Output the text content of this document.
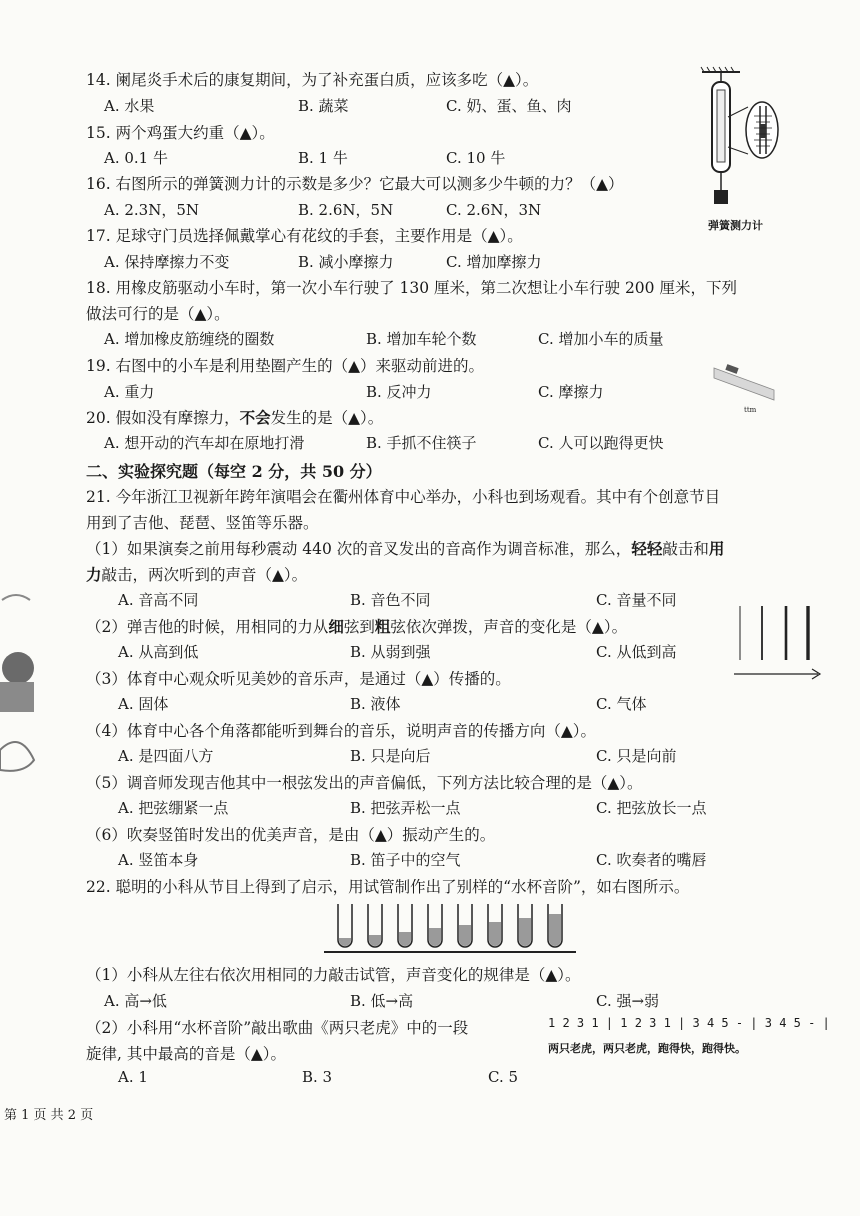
14. 阑尾炎手术后的康复期间，为了补充蛋白质，应该多吃（▲）。
A. 水果	B. 蔬菜	C. 奶、蛋、鱼、肉
15. 两个鸡蛋大约重（▲）。
A. 0.1 牛	B. 1 牛	C. 10 牛
16. 右图所示的弹簧测力计的示数是多少？它最大可以测多少牛顿的力？（▲）
A. 2.3N，5N	B. 2.6N，5N	C. 2.6N，3N
17. 足球守门员选择佩戴掌心有花纹的手套，主要作用是（▲）。
A. 保持摩擦力不变	B. 减小摩擦力	C. 增加摩擦力
18. 用橡皮筋驱动小车时，第一次小车行驶了 130 厘米，第二次想让小车行驶 200 厘米，下列
做法可行的是（▲）。
A. 增加橡皮筋缠绕的圈数	B. 增加车轮个数	C. 增加小车的质量
19. 右图中的小车是利用垫圈产生的（▲）来驱动前进的。
A. 重力	B. 反冲力	C. 摩擦力
20. 假如没有摩擦力，不会发生的是（▲）。
A. 想开动的汽车却在原地打滑	B. 手抓不住筷子	C. 人可以跑得更快
二、实验探究题（每空 2 分，共 50 分）
21. 今年浙江卫视新年跨年演唱会在衢州体育中心举办，小科也到场观看。其中有个创意节目
用到了吉他、琵琶、竖笛等乐器。
（1）如果演奏之前用每秒震动 440 次的音叉发出的音高作为调音标准，那么，轻轻敲击和用
力敲击，两次听到的声音（▲）。
A. 音高不同	B. 音色不同	C. 音量不同
（2）弹吉他的时候，用相同的力从细弦到粗弦依次弹拨，声音的变化是（▲）。
A. 从高到低	B. 从弱到强	C. 从低到高
（3）体育中心观众听见美妙的音乐声，是通过（▲）传播的。
A. 固体	B. 液体	C. 气体
（4）体育中心各个角落都能听到舞台的音乐，说明声音的传播方向（▲）。
A. 是四面八方	B. 只是向后	C. 只是向前
（5）调音师发现吉他其中一根弦发出的声音偏低，下列方法比较合理的是（▲）。
A. 把弦绷紧一点	B. 把弦弄松一点	C. 把弦放长一点
（6）吹奏竖笛时发出的优美声音，是由（▲）振动产生的。
A. 竖笛本身	B. 笛子中的空气	C. 吹奏者的嘴唇
22. 聪明的小科从节目上得到了启示，用试管制作出了别样的“水杯音阶”，如右图所示。
（1）小科从左往右依次用相同的力敲击试管，声音变化的规律是（▲）。
A. 高→低	B. 低→高	C. 强→弱
（2）小科用“水杯音阶”敲出歌曲《两只老虎》中的一段
旋律, 其中最高的音是（▲）。
A. 1	B. 3	C. 5
1 2 3 1 | 1 2 3 1 | 3 4 5 - | 3 4 5 - |
两只老虎，两只老虎，跑得快，跑得快。
第 1 页 共 2 页
弹簧测力计
ttm
